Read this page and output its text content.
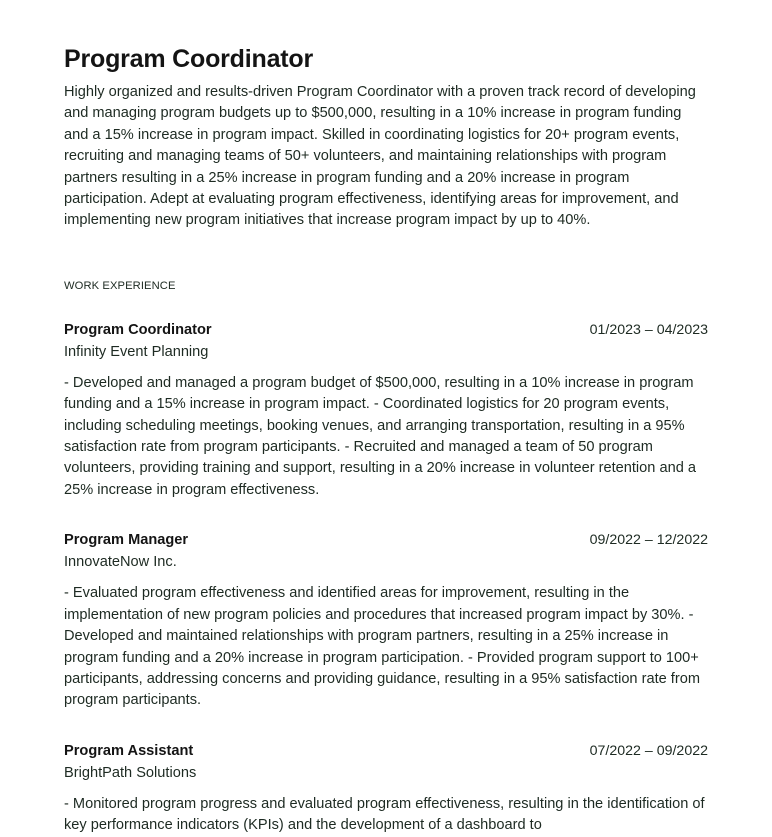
Program Coordinator

Highly organized and results-driven Program Coordinator with a proven track record of developing and managing program budgets up to $500,000, resulting in a 10% increase in program funding and a 15% increase in program impact. Skilled in coordinating logistics for 20+ program events, recruiting and managing teams of 50+ volunteers, and maintaining relationships with program partners resulting in a 25% increase in program funding and a 20% increase in program participation. Adept at evaluating program effectiveness, identifying areas for improvement, and implementing new program initiatives that increase program impact by up to 40%.

WORK EXPERIENCE
Program Coordinator	01/2023 – 04/2023
Infinity Event Planning

- Developed and managed a program budget of $500,000, resulting in a 10% increase in program funding and a 15% increase in program impact. - Coordinated logistics for 20 program events, including scheduling meetings, booking venues, and arranging transportation, resulting in a 95% satisfaction rate from program participants. - Recruited and managed a team of 50 program volunteers, providing training and support, resulting in a 20% increase in volunteer retention and a 25% increase in program effectiveness.

Program Manager	09/2022 – 12/2022
InnovateNow Inc.

- Evaluated program effectiveness and identified areas for improvement, resulting in the implementation of new program policies and procedures that increased program impact by 30%. - Developed and maintained relationships with program partners, resulting in a 25% increase in program funding and a 20% increase in program participation. - Provided program support to 100+ participants, addressing concerns and providing guidance, resulting in a 95% satisfaction rate from program participants.

Program Assistant	07/2022 – 09/2022
BrightPath Solutions

- Monitored program progress and evaluated program effectiveness, resulting in the identification of key performance indicators (KPIs) and the development of a dashboard to
